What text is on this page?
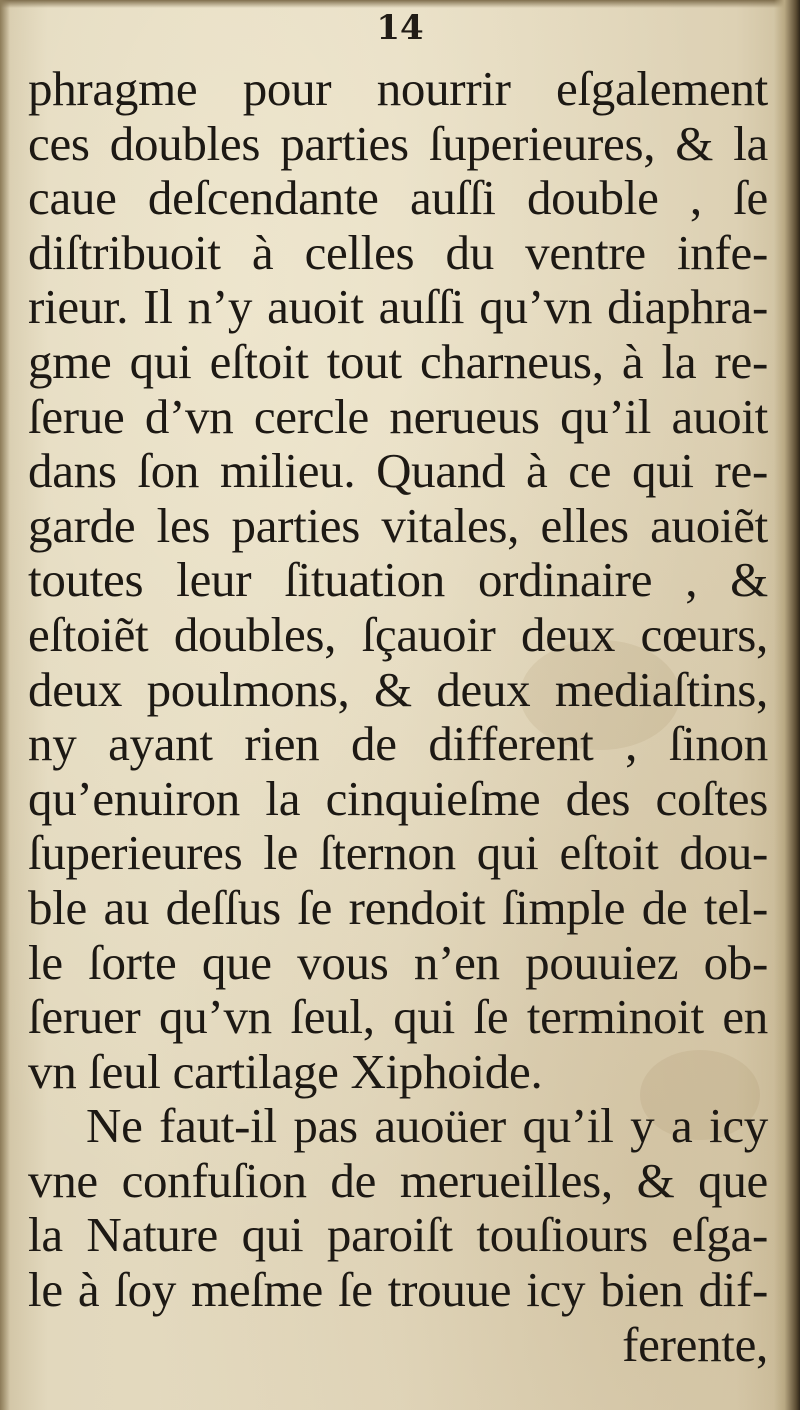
14
phragme pour nourrir eſgalement
ces doubles parties ſuperieures, & la
caue deſcendante auſſi double , ſe
diſtribuoit à celles du ventre infe-
rieur. Il n’y auoit auſſi qu’vn diaphra-
gme qui eſtoit tout charneus, à la re-
ſerue d’vn cercle nerueus qu’il auoit
dans ſon milieu. Quand à ce qui re-
garde les parties vitales, elles auoiẽt
toutes leur ſituation ordinaire , &
eſtoiẽt doubles, ſçauoir deux cœurs,
deux poulmons, & deux mediaſtins,
ny ayant rien de different , ſinon
qu’enuiron la cinquieſme des coſtes
ſuperieures le ſternon qui eſtoit dou-
ble au deſſus ſe rendoit ſimple de tel-
le ſorte que vous n’en pouuiez ob-
ſeruer qu’vn ſeul, qui ſe terminoit en
vn ſeul cartilage Xiphoide.
Ne faut-il pas auoüer qu’il y a icy
vne confuſion de merueilles, & que
la Nature qui paroiſt touſiours eſga-
le à ſoy meſme ſe trouue icy bien dif-
ferente,
